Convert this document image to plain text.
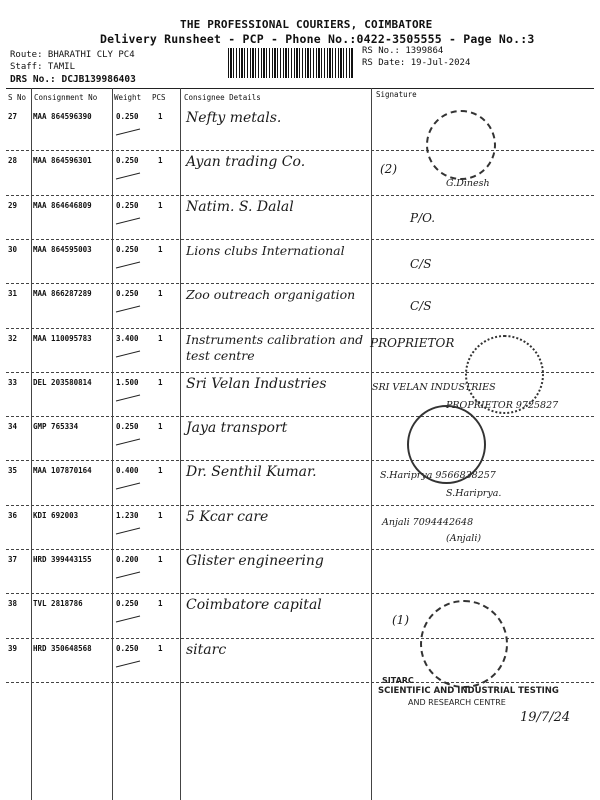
THE PROFESSIONAL COURIERS, COIMBATORE
Delivery Runsheet - PCP - Phone No.:0422-3505555 - Page No.:3
Route: BHARATHI CLY PC4
Staff: TAMIL
DRS No.: DCJB139986403
RS No.: 1399864
RS Date: 19-Jul-2024
S No Consignment No Weight PCS Consignee Details	Signature
27 MAA 864596390	0.250	1 Nefty metals.
28 MAA 864596301	0.250	1 Ayan trading Co.	(2)
G.Dinesh
29 MAA 864646809	0.250	1 Natim. S. Dalal
P/O.
30 MAA 864595003	0.250	1 Lions clubs International
C/S
31 MAA 866287289	0.250	1 Zoo outreach organigation
C/S
32 MAA 110095783	3.400	1 Instruments calibration and test centre
PROPRIETOR
33 DEL 203580814	1.500	1 Sri Velan Industries	SRI VELAN INDUSTRIES
PROPRIETOR 9725827
34 GMP 765334	0.250	1 Jaya transport
35 MAA 107870164	0.400	1 Dr. Senthil Kumar.	S.Hariprya 9566838257
S.Hariprya.
36 KDI 692003	1.230	1 5 Kcar care	Anjali 7094442648
(Anjali)
37 HRD 399443155	0.200	1 Glister engineering
38 TVL 2818786	0.250	1 Coimbatore capital
(1)
39 HRD 350648568	0.250	1 sitarc
SITARC
SCIENTIFIC AND INDUSTRIAL TESTING
AND RESEARCH CENTRE
19/7/24
